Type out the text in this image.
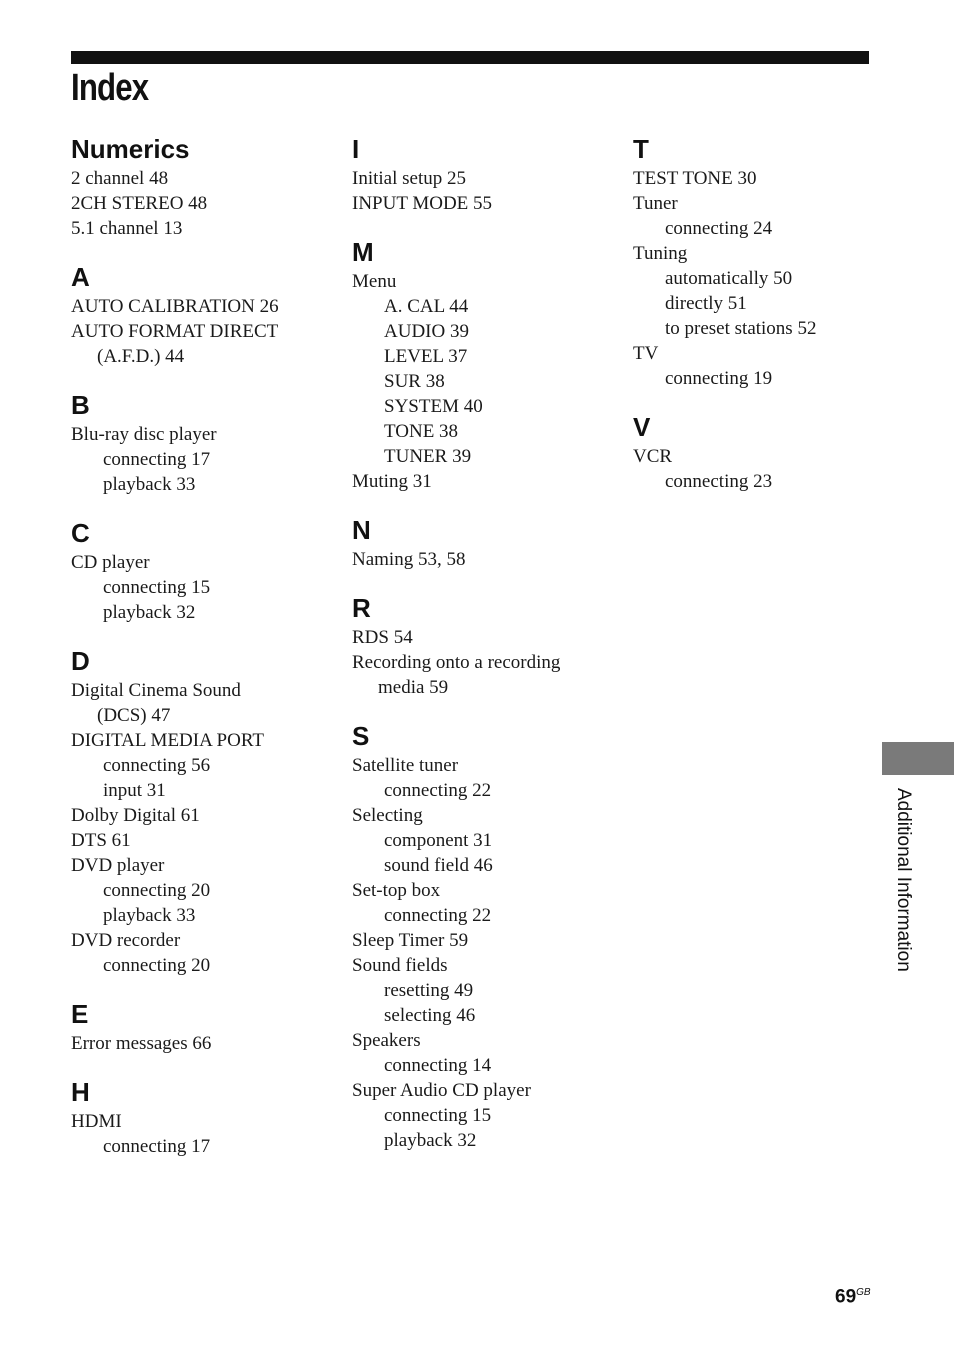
Index
Numerics
2 channel 48
2CH STEREO 48
5.1 channel 13
A
AUTO CALIBRATION 26
AUTO FORMAT DIRECT
(A.F.D.) 44
B
Blu-ray disc player
connecting 17
playback 33
C
CD player
connecting 15
playback 32
D
Digital Cinema Sound
(DCS) 47
DIGITAL MEDIA PORT
connecting 56
input 31
Dolby Digital 61
DTS 61
DVD player
connecting 20
playback 33
DVD recorder
connecting 20
E
Error messages 66
H
HDMI
connecting 17
I
Initial setup 25
INPUT MODE 55
M
Menu
A. CAL 44
AUDIO 39
LEVEL 37
SUR 38
SYSTEM 40
TONE 38
TUNER 39
Muting 31
N
Naming 53, 58
R
RDS 54
Recording onto a recording
media 59
S
Satellite tuner
connecting 22
Selecting
component 31
sound field 46
Set-top box
connecting 22
Sleep Timer 59
Sound fields
resetting 49
selecting 46
Speakers
connecting 14
Super Audio CD player
connecting 15
playback 32
T
TEST TONE 30
Tuner
connecting 24
Tuning
automatically 50
directly 51
to preset stations 52
TV
connecting 19
V
VCR
connecting 23
Additional Information
$69^{GB}$
